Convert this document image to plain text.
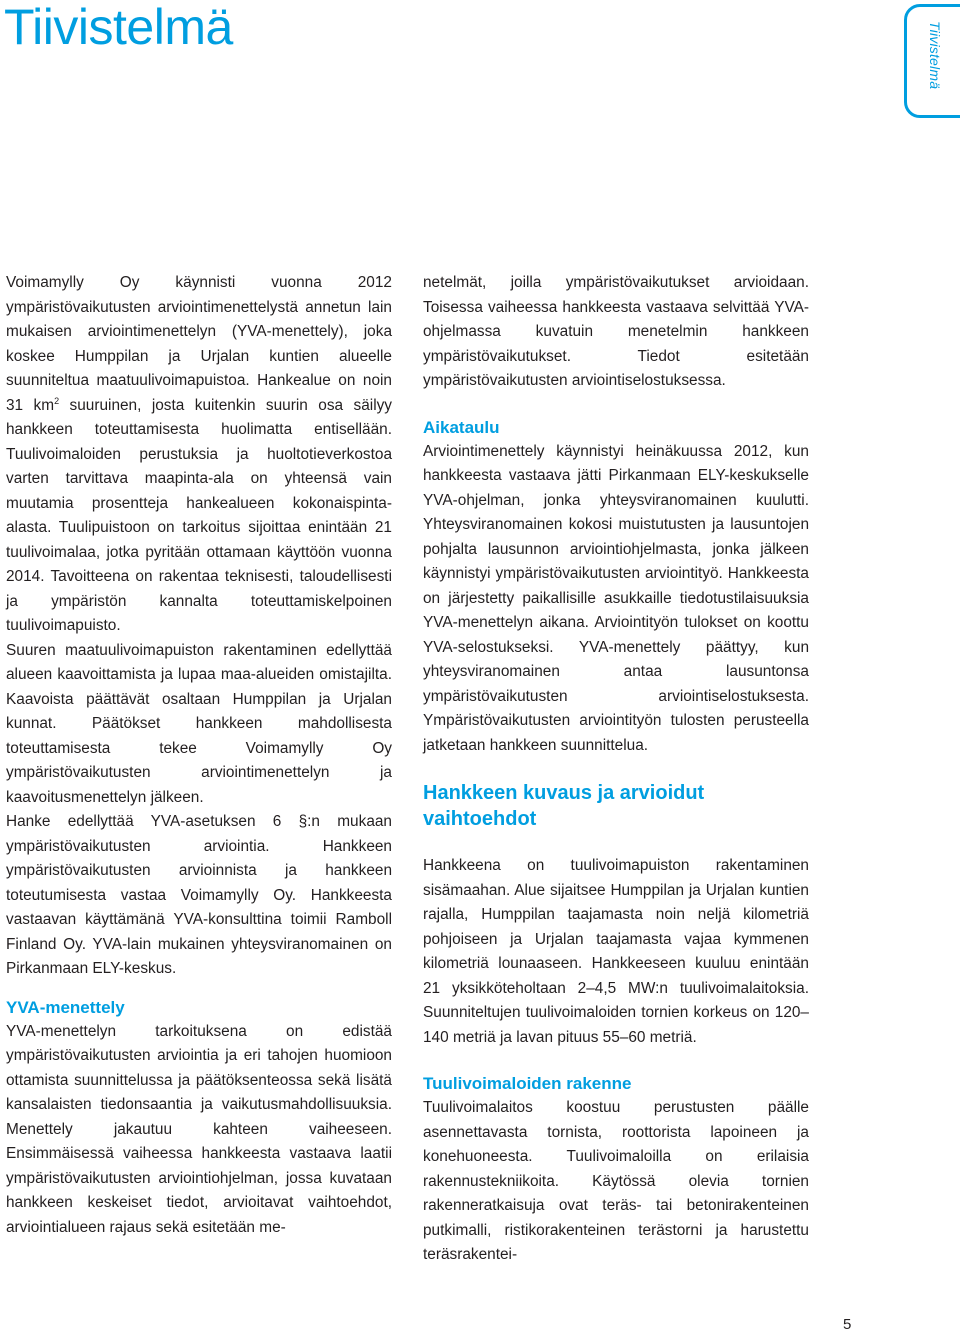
Tiivistelmä	Tiivistelmä

Voimamylly Oy käynnisti vuonna 2012 ympäristövaikutusten arviointimenettelystä annetun lain mukaisen arviointimenettelyn (YVA-menettely), joka koskee Humppilan ja Urjalan kuntien alueelle suunniteltua maatuulivoimapuistoa. Hankealue on noin 31 $km^2$ suuruinen, josta kuitenkin suurin osa säilyy hankkeen toteuttamisesta huolimatta entisellään. Tuulivoimaloiden perustuksia ja huoltotieverkostoa varten tarvittava maapinta-ala on yhteensä vain muutamia prosentteja hankealueen kokonaispinta-alasta. Tuulipuistoon on tarkoitus sijoittaa enintään 21 tuulivoimalaa, jotka pyritään ottamaan käyttöön vuonna 2014. Tavoitteena on rakentaa teknisesti, taloudellisesti ja ympäristön kannalta toteuttamiskelpoinen tuulivoimapuisto.

Suuren maatuulivoimapuiston rakentaminen edellyttää alueen kaavoittamista ja lupaa maa-alueiden omistajilta. Kaavoista päättävät osaltaan Humppilan ja Urjalan kunnat. Päätökset hankkeen mahdollisesta toteuttamisesta tekee Voimamylly Oy ympäristövaikutusten arviointimenettelyn ja kaavoitusmenettelyn jälkeen.

Hanke edellyttää YVA-asetuksen 6 §:n mukaan ympäristövaikutusten arviointia. Hankkeen ympäristövaikutusten arvioinnista ja hankkeen toteutumisesta vastaa Voimamylly Oy. Hankkeesta vastaavan käyttämänä YVA-konsulttina toimii Ramboll Finland Oy. YVA-lain mukainen yhteysviranomainen on Pirkanmaan ELY-keskus.

YVA-menettely

YVA-menettelyn tarkoituksena on edistää ympäristövaikutusten arviointia ja eri tahojen huomioon ottamista suunnittelussa ja päätöksenteossa sekä lisätä kansalaisten tiedonsaantia ja vaikutusmahdollisuuksia. Menettely jakautuu kahteen vaiheeseen. Ensimmäisessä vaiheessa hankkeesta vastaava laatii ympäristövaikutusten arviointiohjelman, jossa kuvataan hankkeen keskeiset tiedot, arvioitavat vaihtoehdot, arviointialueen rajaus sekä esitetään me-

netelmät, joilla ympäristövaikutukset arvioidaan. Toisessa vaiheessa hankkeesta vastaava selvittää YVA-ohjelmassa kuvatuin menetelmin hankkeen ympäristövaikutukset. Tiedot esitetään ympäristövaikutusten arviointiselostuksessa.

Aikataulu

Arviointimenettely käynnistyi heinäkuussa 2012, kun hankkeesta vastaava jätti Pirkanmaan ELY-keskukselle YVA-ohjelman, jonka yhteysviranomainen kuulutti. Yhteysviranomainen kokosi muistutusten ja lausuntojen pohjalta lausunnon arviointiohjelmasta, jonka jälkeen käynnistyi ympäristövaikutusten arviointityö. Hankkeesta on järjestetty paikallisille asukkaille tiedotustilaisuuksia YVA-menettelyn aikana. Arviointityön tulokset on koottu YVA-selostukseksi. YVA-menettely päättyy, kun yhteysviranomainen antaa lausuntonsa ympäristövaikutusten arviointiselostuksesta. Ympäristövaikutusten arviointityön tulosten perusteella jatketaan hankkeen suunnittelua.

Hankkeen kuvaus ja arvioidut vaihtoehdot

Hankkeena on tuulivoimapuiston rakentaminen sisämaahan. Alue sijaitsee Humppilan ja Urjalan kuntien rajalla, Humppilan taajamasta noin neljä kilometriä pohjoiseen ja Urjalan taajamasta vajaa kymmenen kilometriä lounaaseen. Hankkeeseen kuuluu enintään 21 yksikköteholtaan 2–4,5 MW:n tuulivoimalaitoksia. Suunniteltujen tuulivoimaloiden tornien korkeus on 120–140 metriä ja lavan pituus 55–60 metriä.

Tuulivoimaloiden rakenne

Tuulivoimalaitos koostuu perustusten päälle asennettavasta tornista, roottorista lapoineen ja konehuoneesta. Tuulivoimaloilla on erilaisia rakennustekniikoita. Käytössä olevia tornien rakenneratkaisuja ovat teräs- tai betonirakenteinen putkimalli, ristikorakenteinen terästorni ja harustettu teräsrakentei-

5
